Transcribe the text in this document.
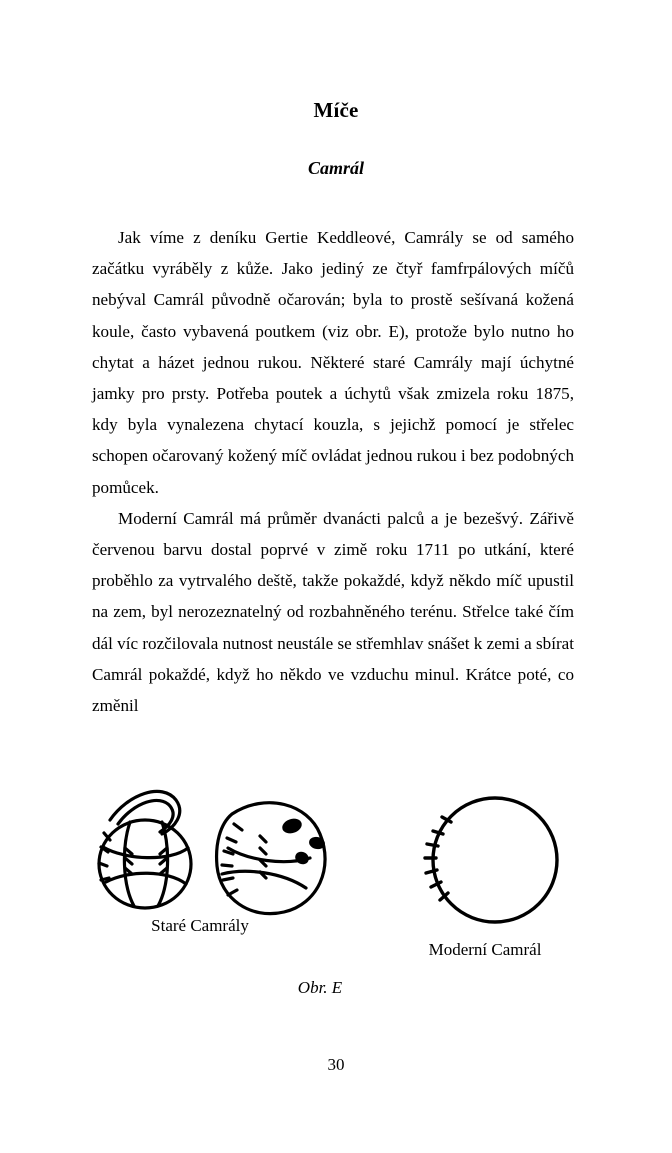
Míče
Camrál

Jak víme z deníku Gertie Keddleové, Camrály se od samého začátku vyráběly z kůže. Jako jediný ze čtyř famfrpálových míčů nebýval Camrál původně očarován; byla to prostě sešívaná kožená koule, často vybavená poutkem (viz obr. E), protože bylo nutno ho chytat a házet jednou rukou. Některé staré Camrály mají úchytné jamky pro prsty. Potřeba poutek a úchytů však zmizela roku 1875, kdy byla vynalezena chytací kouzla, s jejichž pomocí je střelec schopen očarovaný kožený míč ovládat jednou rukou i bez podobných pomůcek.

Moderní Camrál má průměr dvanácti palců a je bezešvý. Zářivě červenou barvu dostal poprvé v zimě roku 1711 po utkání, které proběhlo za vytrvalého deště, takže pokaždé, když někdo míč upustil na zem, byl nerozeznatelný od rozbahněného terénu. Střelce také čím dál víc rozčilovala nutnost neustále se střemhlav snášet k zemi a sbírat Camrál pokaždé, když ho někdo ve vzduchu minul. Krátce poté, co změnil

Staré Camrály
Moderní Camrál
Obr. E
30
